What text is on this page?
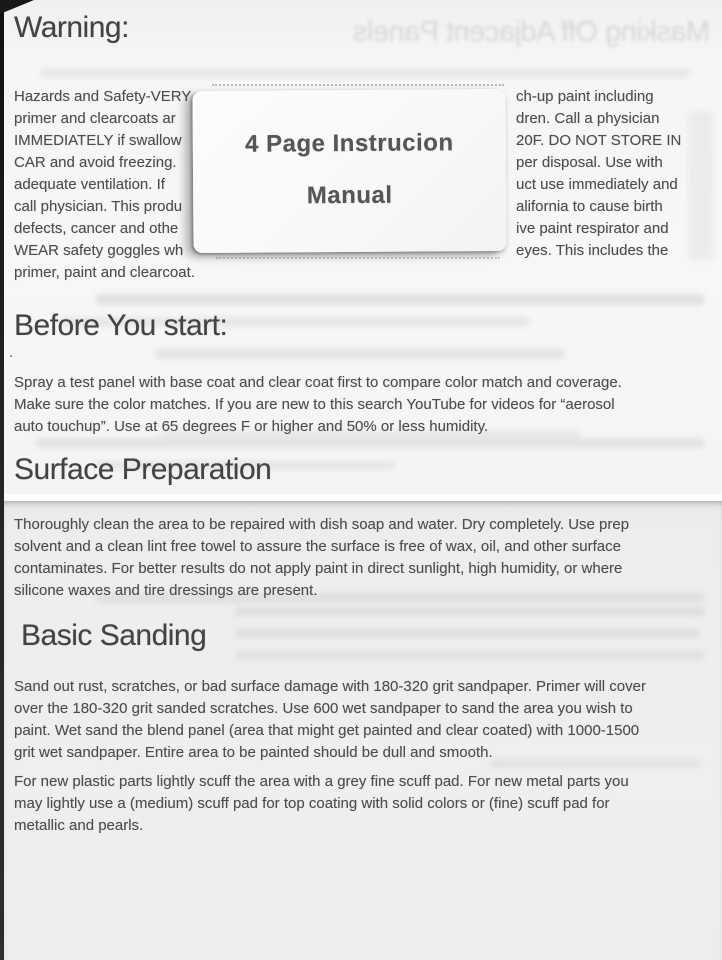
Masking Off Adjacent Panels
Warning:
Hazards and Safety-VERY	ch-up paint including
primer and clearcoats ar	dren. Call a physician
IMMEDIATELY if swallow	20F. DO NOT STORE IN
CAR and avoid freezing.	per disposal. Use with
adequate ventilation. If	uct use immediately and
call physician. This produ	alifornia to cause birth
defects, cancer and othe	ive paint respirator and
WEAR safety goggles wh	eyes. This includes the
primer, paint and clearcoat.
4 Page Instrucion
Manual
Before You start:
.
Spray a test panel with base coat and clear coat first to compare color match and coverage.
Make sure the color matches. If you are new to this search YouTube for videos for “aerosol
auto touchup”. Use at 65 degrees F or higher and 50% or less humidity.
Surface Preparation
Thoroughly clean the area to be repaired with dish soap and water. Dry completely. Use prep
solvent and a clean lint free towel to assure the surface is free of wax, oil, and other surface
contaminates. For better results do not apply paint in direct sunlight, high humidity, or where
silicone waxes and tire dressings are present.
Basic Sanding
Sand out rust, scratches, or bad surface damage with 180-320 grit sandpaper. Primer will cover
over the 180-320 grit sanded scratches. Use 600 wet sandpaper to sand the area you wish to
paint. Wet sand the blend panel (area that might get painted and clear coated) with 1000-1500
grit wet sandpaper. Entire area to be painted should be dull and smooth.
For new plastic parts lightly scuff the area with a grey fine scuff pad. For new metal parts you
may lightly use a (medium) scuff pad for top coating with solid colors or (fine) scuff pad for
metallic and pearls.
